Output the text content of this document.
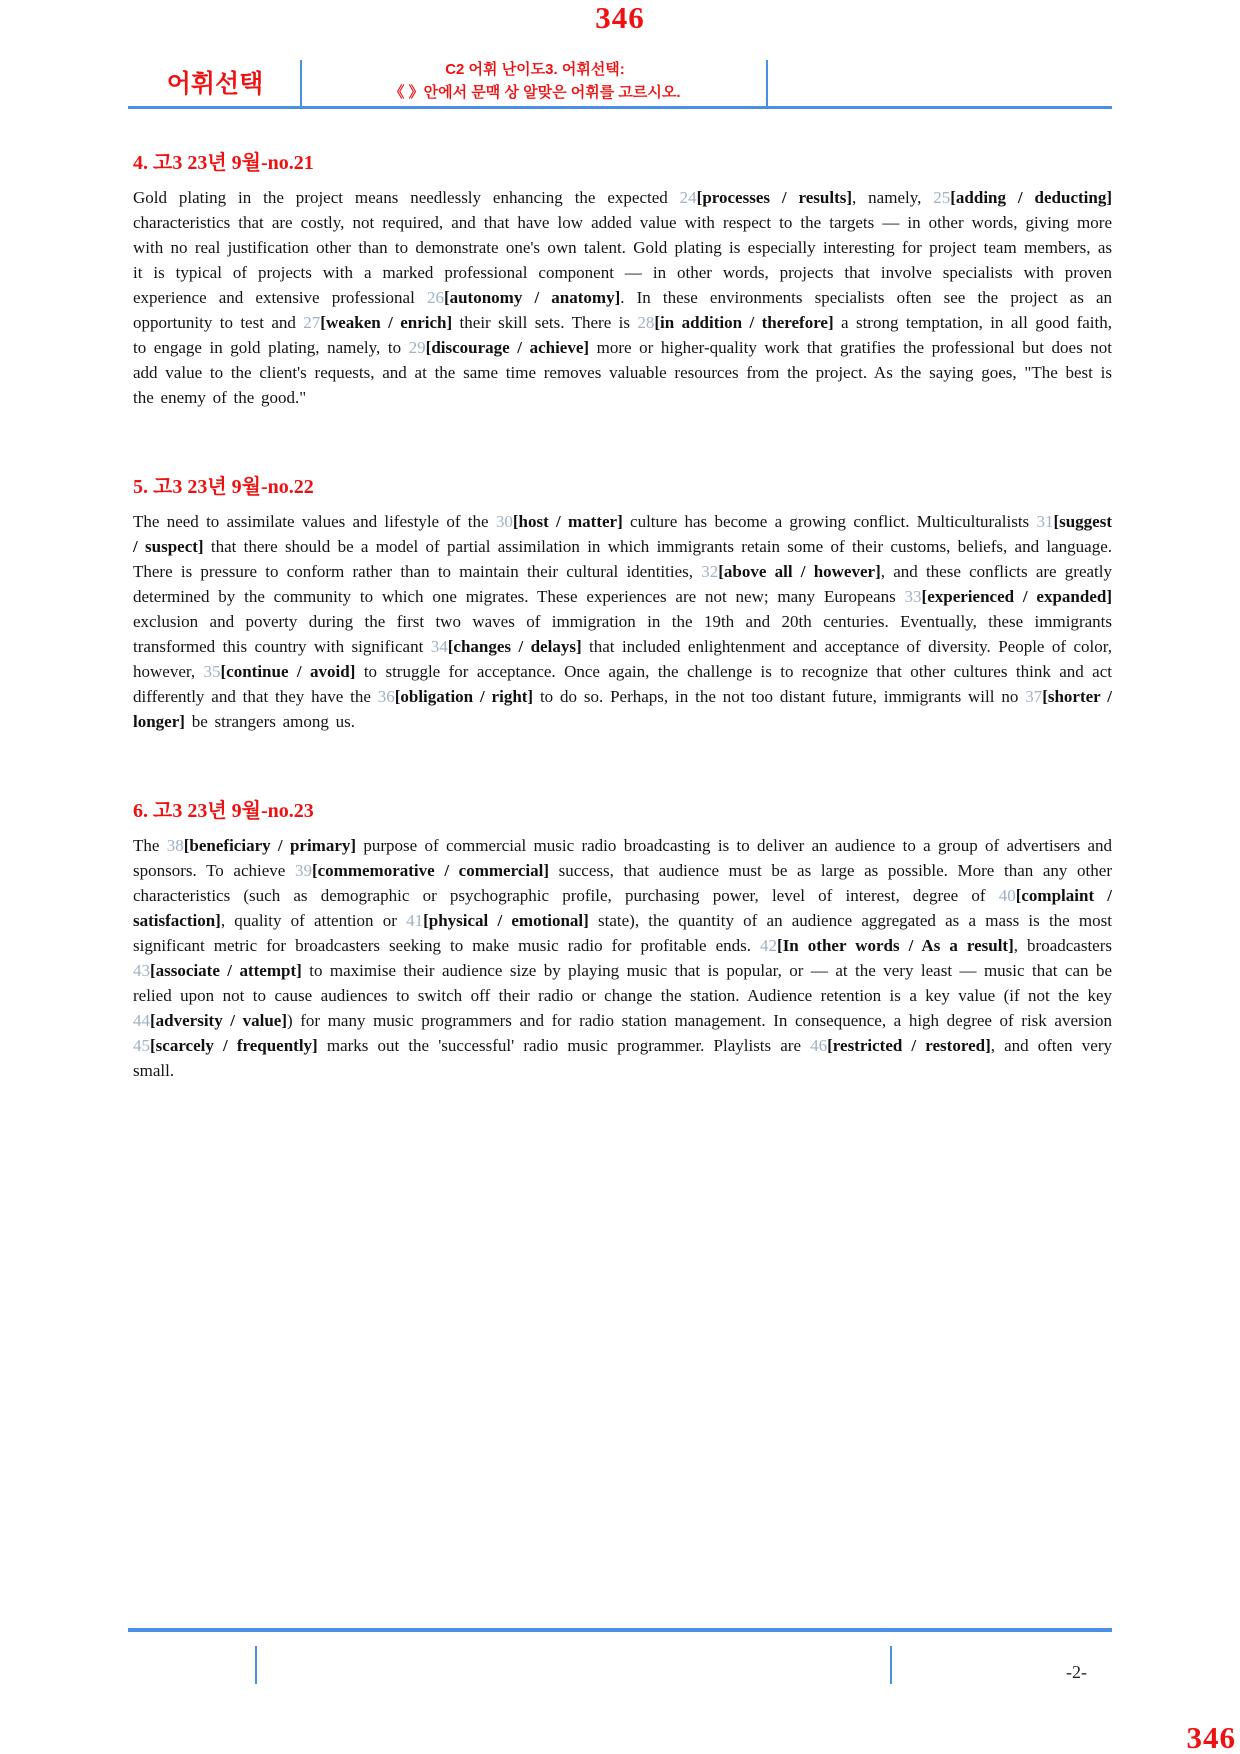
346
어휘선택
C2 어휘 난이도3. 어휘선택:
《 》안에서 문맥 상 알맞은 어휘를 고르시오.
4. 고3 23년 9월-no.21
Gold plating in the project means needlessly enhancing the expected 24[processes / results], namely, 25[adding / deducting] characteristics that are costly, not required, and that have low added value with respect to the targets — in other words, giving more with no real justification other than to demonstrate one's own talent. Gold plating is especially interesting for project team members, as it is typical of projects with a marked professional component — in other words, projects that involve specialists with proven experience and extensive professional 26[autonomy / anatomy]. In these environments specialists often see the project as an opportunity to test and 27[weaken / enrich] their skill sets. There is 28[in addition / therefore] a strong temptation, in all good faith, to engage in gold plating, namely, to 29[discourage / achieve] more or higher-quality work that gratifies the professional but does not add value to the client's requests, and at the same time removes valuable resources from the project. As the saying goes, "The best is the enemy of the good."
5. 고3 23년 9월-no.22
The need to assimilate values and lifestyle of the 30[host / matter] culture has become a growing conflict. Multiculturalists 31[suggest / suspect] that there should be a model of partial assimilation in which immigrants retain some of their customs, beliefs, and language. There is pressure to conform rather than to maintain their cultural identities, 32[above all / however], and these conflicts are greatly determined by the community to which one migrates. These experiences are not new; many Europeans 33[experienced / expanded] exclusion and poverty during the first two waves of immigration in the 19th and 20th centuries. Eventually, these immigrants transformed this country with significant 34[changes / delays] that included enlightenment and acceptance of diversity. People of color, however, 35[continue / avoid] to struggle for acceptance. Once again, the challenge is to recognize that other cultures think and act differently and that they have the 36[obligation / right] to do so. Perhaps, in the not too distant future, immigrants will no 37[shorter / longer] be strangers among us.
6. 고3 23년 9월-no.23
The 38[beneficiary / primary] purpose of commercial music radio broadcasting is to deliver an audience to a group of advertisers and sponsors. To achieve 39[commemorative / commercial] success, that audience must be as large as possible. More than any other characteristics (such as demographic or psychographic profile, purchasing power, level of interest, degree of 40[complaint / satisfaction], quality of attention or 41[physical / emotional] state), the quantity of an audience aggregated as a mass is the most significant metric for broadcasters seeking to make music radio for profitable ends. 42[In other words / As a result], broadcasters 43[associate / attempt] to maximise their audience size by playing music that is popular, or — at the very least — music that can be relied upon not to cause audiences to switch off their radio or change the station. Audience retention is a key value (if not the key 44[adversity / value]) for many music programmers and for radio station management. In consequence, a high degree of risk aversion 45[scarcely / frequently] marks out the 'successful' radio music programmer. Playlists are 46[restricted / restored], and often very small.
-2-
346
